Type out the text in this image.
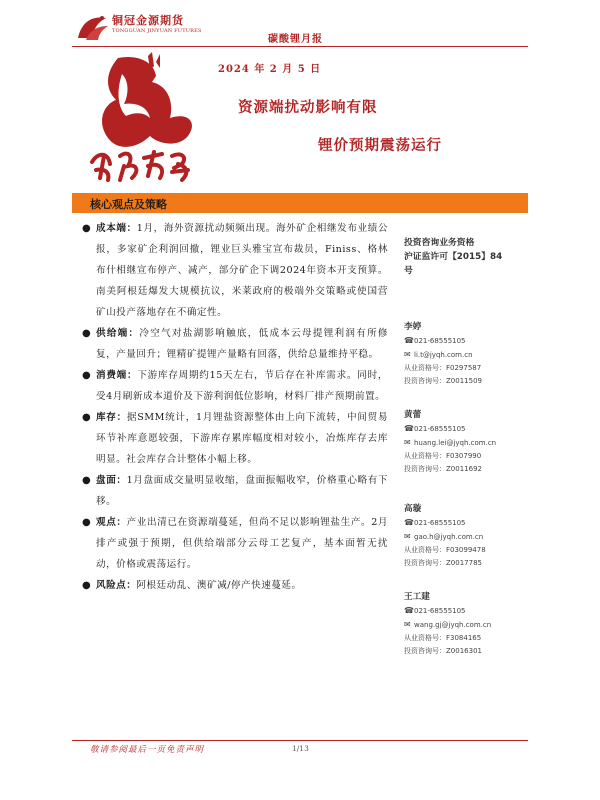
铜冠金源期货
TONGGUAN JINYUAN FUTURES
碳酸锂月报
2024 年 2 月 5 日
资源端扰动影响有限
锂价预期震荡运行
核心观点及策略
● 成本端：1月，海外资源扰动频频出现。海外矿企相继发布业绩公报，多家矿企利润回撤，锂业巨头雅宝宣布裁员，Finiss、格林布什相继宣布停产、减产，部分矿企下调2024年资本开支预算。南美阿根廷爆发大规模抗议，米莱政府的极端外交策略或使国营矿山投产落地存在不确定性。
● 供给端：冷空气对盐湖影响触底，低成本云母提锂利润有所修复，产量回升；锂精矿提锂产量略有回落，供给总量维持平稳。
● 消费端：下游库存周期约15天左右，节后存在补库需求。同时，受4月刷新成本道价及下游利润低位影响，材料厂排产预期前置。
● 库存：据SMM统计，1月锂盐资源整体由上向下流转，中间贸易环节补库意愿较强，下游库存累库幅度相对较小，冶炼库存去库明显。社会库存合计整体小幅上移。
● 盘面：1月盘面成交量明显收缩，盘面振幅收窄，价格重心略有下移。
● 观点：产业出清已在资源端蔓延，但尚不足以影响锂盐生产。2月排产或强于预期，但供给端部分云母工艺复产，基本面暂无扰动，价格或震荡运行。
● 风险点：阿根廷动乱、澳矿减/停产快速蔓延。
投资咨询业务资格
沪证监许可【2015】84
号
李婷
☎021-68555105
✉ li.t@jyqh.com.cn
从业资格号：F0297587
投资咨询号：Z0011509
黄蕾
☎021-68555105
✉ huang.lei@jyqh.com.cn
从业资格号：F0307990
投资咨询号：Z0011692
高璇
☎021-68555105
✉ gao.h@jyqh.com.cn
从业资格号：F03099478
投资咨询号：Z0017785
王工建
☎021-68555105
✉ wang.gj@jyqh.com.cn
从业资格号：F3084165
投资咨询号：Z0016301
敬请参阅最后一页免责声明	1/13
